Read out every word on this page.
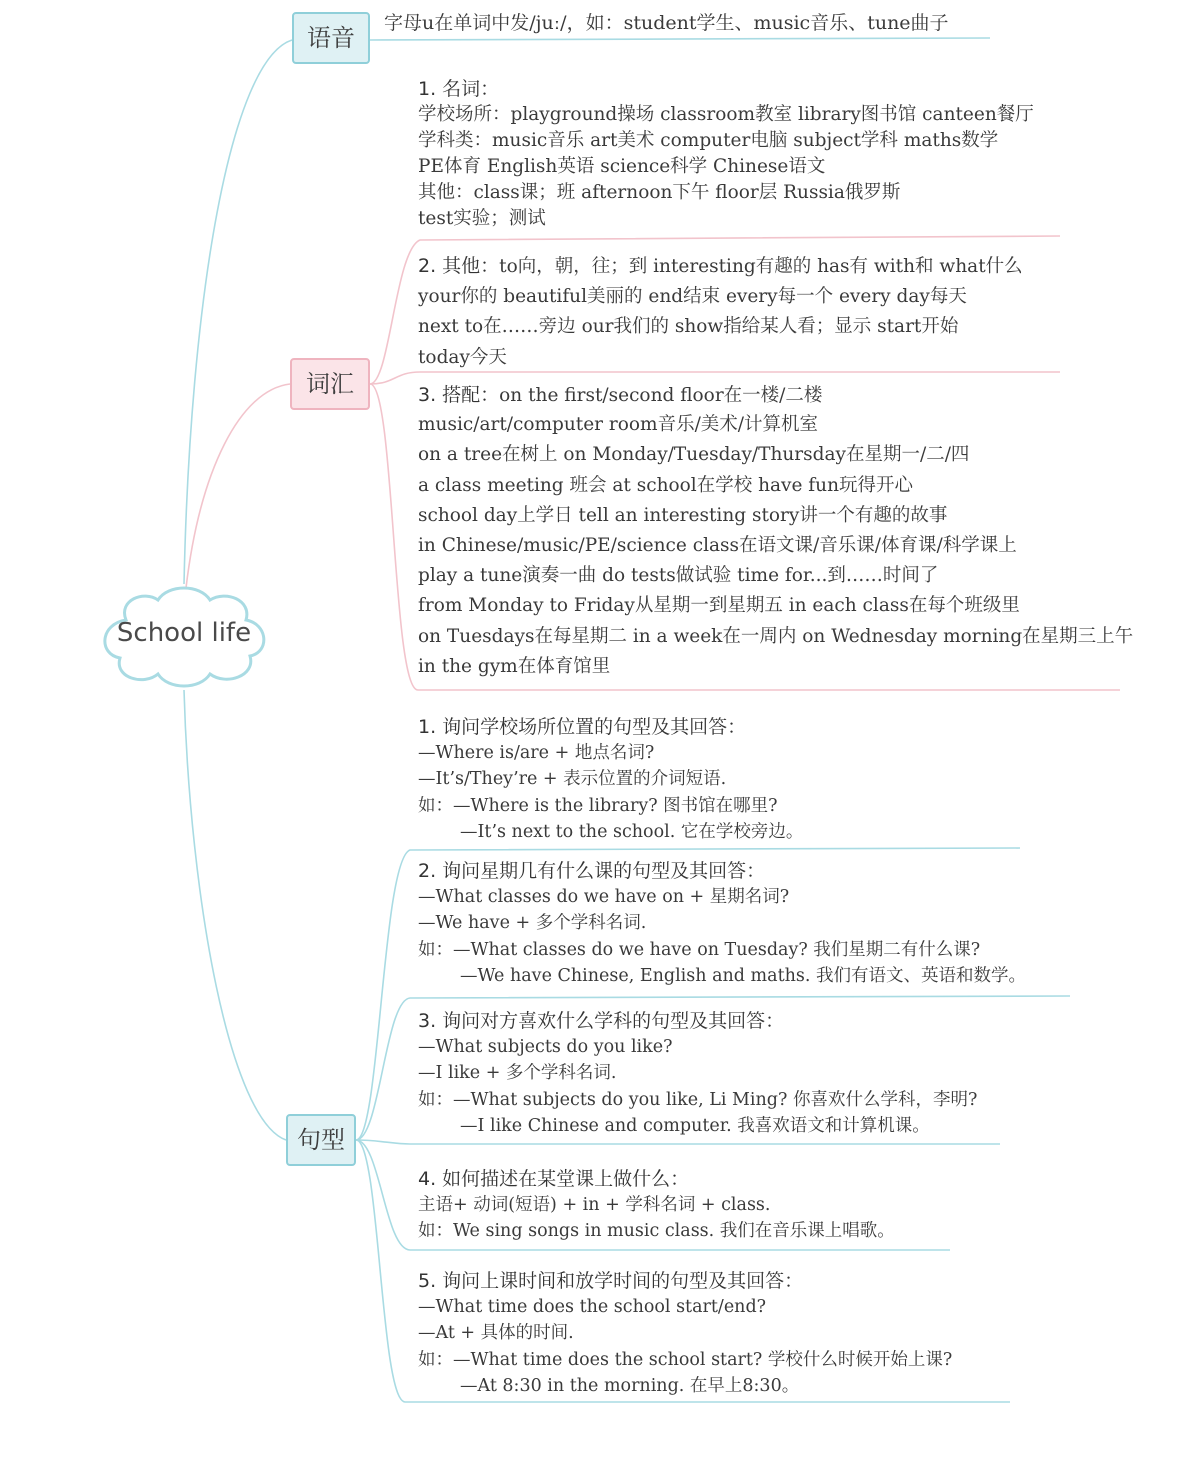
School life
语音
字母u在单词中发/juː/，如：student学生、music音乐、tune曲子
词汇
1. 名词：
学校场所：playground操场 classroom教室 library图书馆 canteen餐厅
学科类：music音乐 art美术 computer电脑 subject学科 maths数学
PE体育 English英语 science科学 Chinese语文
其他：class课；班 afternoon下午 floor层 Russia俄罗斯
test实验；测试
2. 其他：to向，朝，往；到 interesting有趣的 has有 with和 what什么
your你的 beautiful美丽的 end结束 every每一个 every day每天
next to在……旁边 our我们的 show指给某人看；显示 start开始
today今天
3. 搭配：on the first/second floor在一楼/二楼
music/art/computer room音乐/美术/计算机室
on a tree在树上 on Monday/Tuesday/Thursday在星期一/二/四
a class meeting 班会 at school在学校 have fun玩得开心
school day上学日 tell an interesting story讲一个有趣的故事
in Chinese/music/PE/science class在语文课/音乐课/体育课/科学课上
play a tune演奏一曲 do tests做试验 time for...到……时间了
from Monday to Friday从星期一到星期五 in each class在每个班级里
on Tuesdays在每星期二 in a week在一周内 on Wednesday morning在星期三上午
in the gym在体育馆里
句型
1. 询问学校场所位置的句型及其回答：
—Where is/are + 地点名词?
—It’s/They’re + 表示位置的介词短语.
如：—Where is the library? 图书馆在哪里?
—It’s next to the school. 它在学校旁边。
2. 询问星期几有什么课的句型及其回答：
—What classes do we have on + 星期名词?
—We have + 多个学科名词.
如：—What classes do we have on Tuesday? 我们星期二有什么课?
—We have Chinese, English and maths. 我们有语文、英语和数学。
3. 询问对方喜欢什么学科的句型及其回答：
—What subjects do you like?
—I like + 多个学科名词.
如：—What subjects do you like, Li Ming? 你喜欢什么学科，李明?
—I like Chinese and computer. 我喜欢语文和计算机课。
4. 如何描述在某堂课上做什么：
主语+ 动词(短语) + in + 学科名词 + class.
如：We sing songs in music class. 我们在音乐课上唱歌。
5. 询问上课时间和放学时间的句型及其回答：
—What time does the school start/end?
—At + 具体的时间.
如：—What time does the school start? 学校什么时候开始上课?
—At 8:30 in the morning. 在早上8:30。
